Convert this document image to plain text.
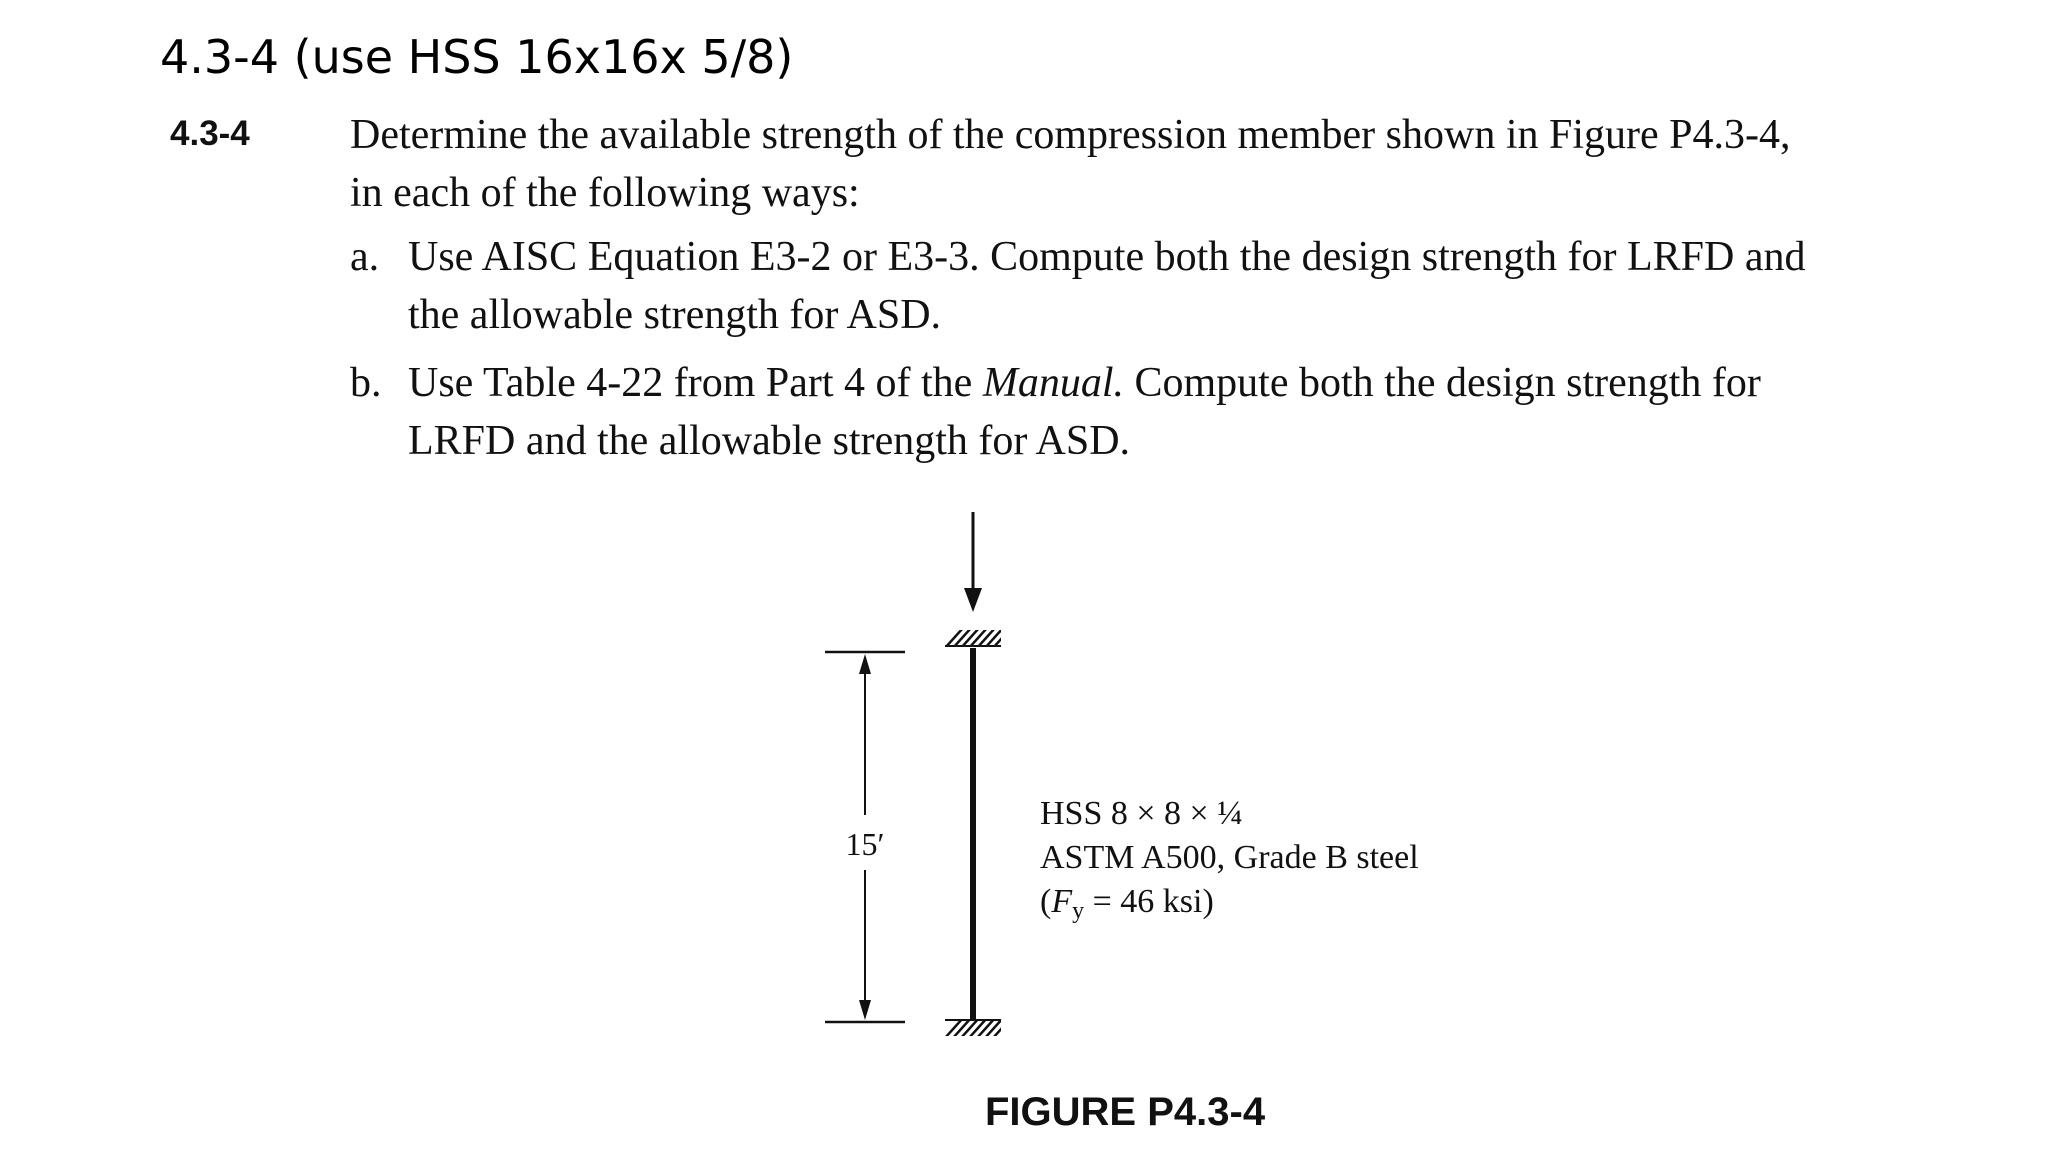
4.3-4 (use HSS 16x16x 5/8)
4.3-4 Determine the available strength of the compression member shown in Figure P4.3-4,
in each of the following ways:
a. Use AISC Equation E3-2 or E3-3. Compute both the design strength for LRFD and
the allowable strength for ASD.
b. Use Table 4-22 from Part 4 of the Manual. Compute both the design strength for
LRFD and the allowable strength for ASD.
15′
HSS 8 × 8 × ¼
ASTM A500, Grade B steel
(Fy = 46 ksi)
FIGURE P4.3-4
